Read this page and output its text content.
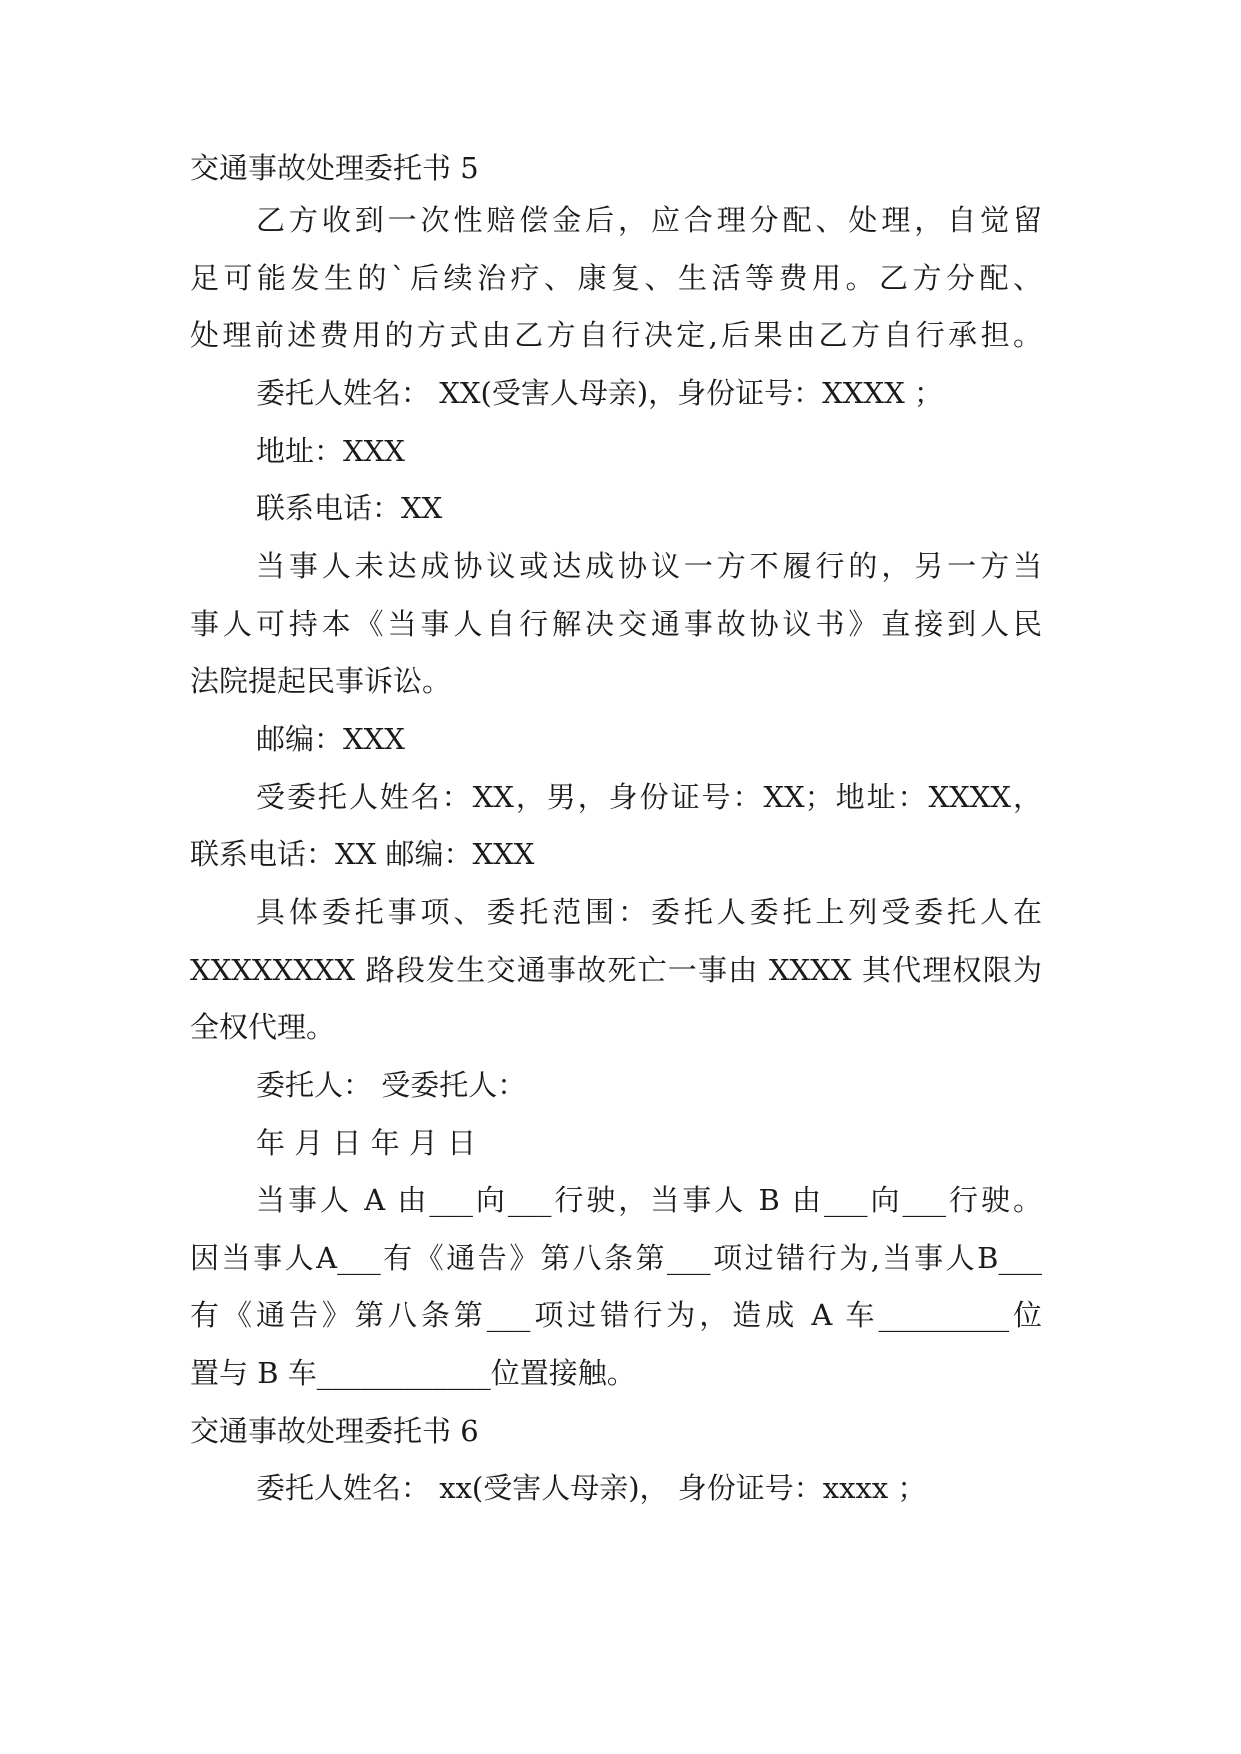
交通事故处理委托书 5

乙方收到一次性赔偿金后，应合理分配、处理，自觉留

足可能发生的`后续治疗、康复、生活等费用。乙方分配、

处理前述费用的方式由乙方自行决定,后果由乙方自行承担。

委托人姓名： XX(受害人母亲)，身份证号：XXXX ；

地址：XXX

联系电话：XX

当事人未达成协议或达成协议一方不履行的，另一方当

事人可持本《当事人自行解决交通事故协议书》直接到人民

法院提起民事诉讼。

邮编：XXX

受委托人姓名：XX，男，身份证号：XX；地址：XXXX，

联系电话：XX 邮编：XXX

具体委托事项、委托范围：委托人委托上列受委托人在

XXXXXXXX 路段发生交通事故死亡一事由 XXXX 其代理权限为

全权代理。

委托人： 受委托人：

年 月 日 年 月 日

当事人 A 由___向___行驶，当事人 B 由___向___行驶。

因当事人A___有《通告》第八条第___项过错行为,当事人B___

有《通告》第八条第___项过错行为，造成 A 车_________位

置与 B 车____________位置接触。

交通事故处理委托书 6

委托人姓名： xx(受害人母亲)， 身份证号：xxxx ；
